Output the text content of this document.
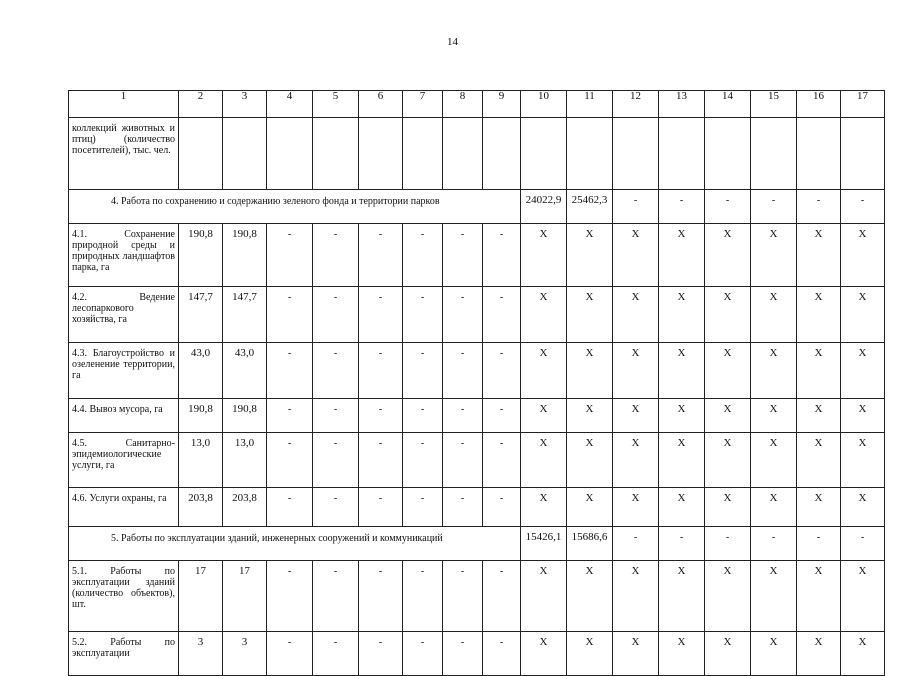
14
1	2	3	4	5	6	7	8	9	10	11	12	13	14	15	16	17
коллекций животных и птиц) (количество посетителей), тыс. чел.																
4. Работа по сохранению и содержанию зеленого фонда и территории парков									24022,9	25462,3	-	-	-	-	-	-
4.1. Сохранение природной среды и природных ландшафтов парка, га	190,8	190,8	-	-	-	-	-	-	Х	Х	Х	Х	Х	Х	Х	Х
4.2. Ведение лесопаркового хозяйства, га	147,7	147,7	-	-	-	-	-	-	Х	Х	Х	Х	Х	Х	Х	Х
4.3. Благоустройство и озеленение территории, га	43,0	43,0	-	-	-	-	-	-	Х	Х	Х	Х	Х	Х	Х	Х
4.4. Вывоз мусора, га	190,8	190,8	-	-	-	-	-	-	Х	Х	Х	Х	Х	Х	Х	Х
4.5. Санитарно-эпидемиологические услуги, га	13,0	13,0	-	-	-	-	-	-	Х	Х	Х	Х	Х	Х	Х	Х
4.6. Услуги охраны, га	203,8	203,8	-	-	-	-	-	-	Х	Х	Х	Х	Х	Х	Х	Х
5. Работы по эксплуатации зданий, инженерных сооружений и коммуникаций									15426,1	15686,6	-	-	-	-	-	-
5.1. Работы по эксплуатации зданий (количество объектов), шт.	17	17	-	-	-	-	-	-	Х	Х	Х	Х	Х	Х	Х	Х
5.2. Работы по эксплуатации	3	3	-	-	-	-	-	-	Х	Х	Х	Х	Х	Х	Х	Х
